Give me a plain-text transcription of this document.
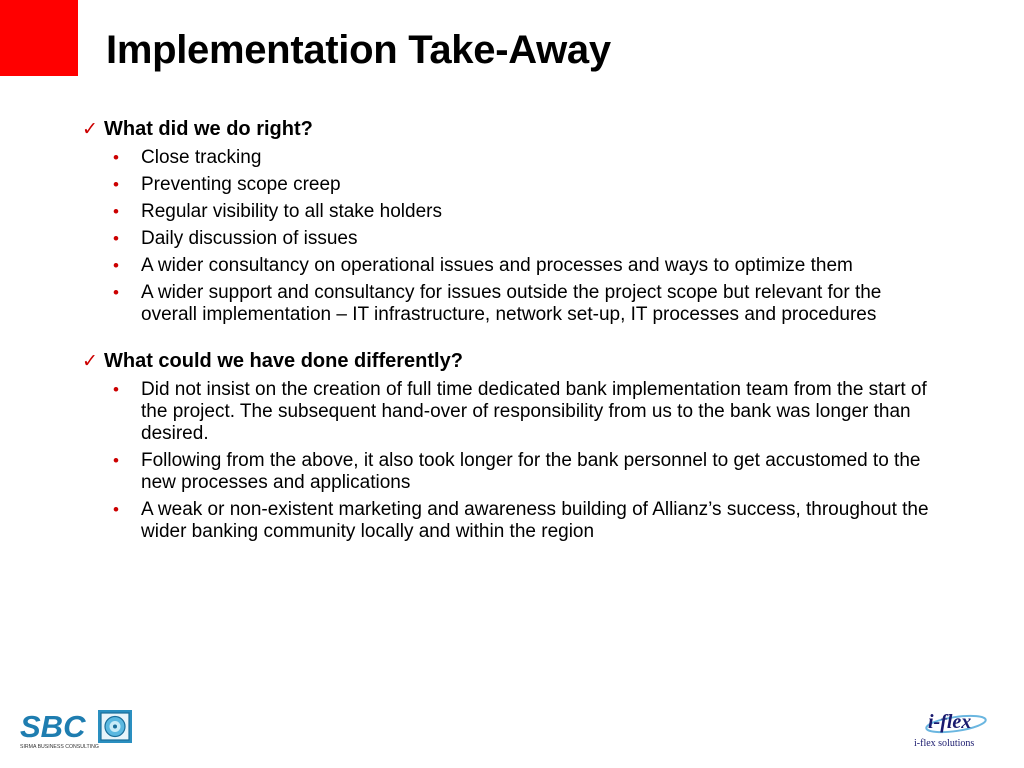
Implementation Take-Away
✓ What did we do right?
• Close tracking
• Preventing scope creep
• Regular visibility to all stake holders
• Daily discussion of issues
• A wider consultancy on operational issues and processes and ways to optimize them
• A wider support and consultancy for issues outside the project scope but relevant for the overall implementation – IT infrastructure, network set-up, IT processes and procedures
✓ What could we have done differently?
• Did not insist on the creation of full time dedicated bank implementation team from the start of the project. The subsequent hand-over of responsibility from us to the bank was longer than desired.
• Following from the above, it also took longer for the bank personnel to get accustomed to the new processes and applications
• A weak or non-existent marketing and awareness building of Allianz’s success, throughout the wider banking community locally and within the region
SBC
SIRMA BUSINESS CONSULTING
i-flex
i-flex solutions
